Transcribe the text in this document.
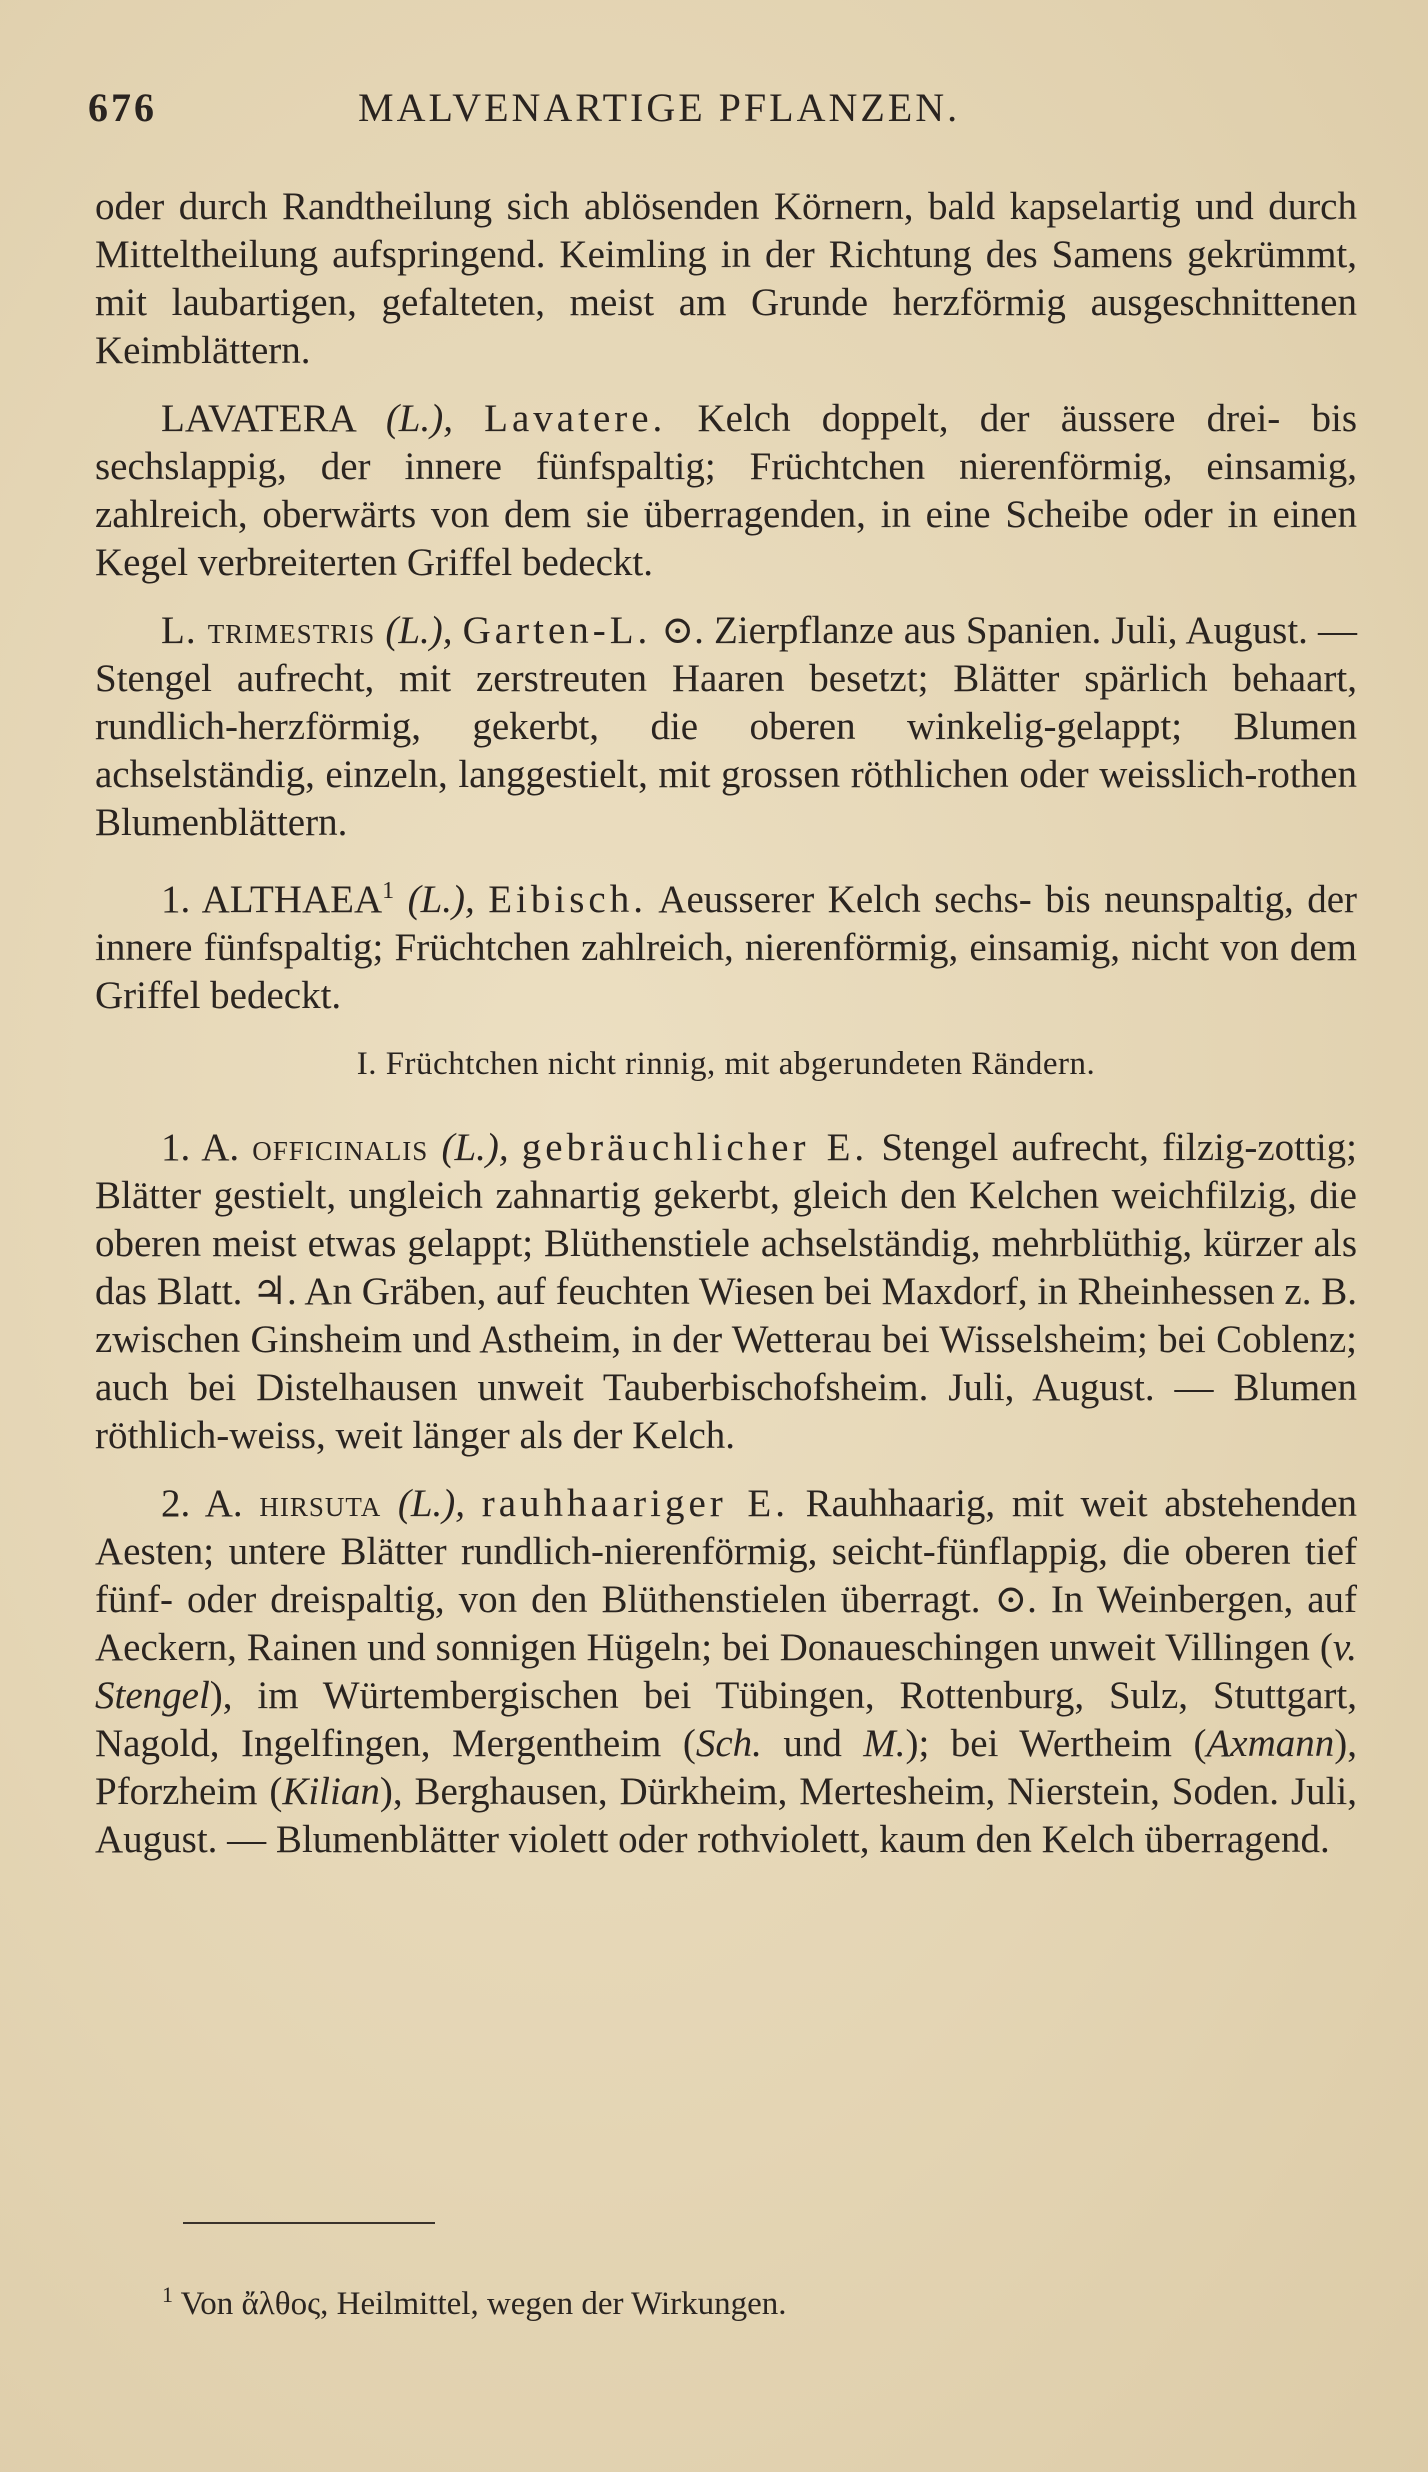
676	MALVENARTIGE PFLANZEN.

oder durch Randtheilung sich ablösenden Körnern, bald kapselartig und durch Mitteltheilung aufspringend. Keimling in der Richtung des Samens gekrümmt, mit laubartigen, gefalteten, meist am Grunde herzförmig ausgeschnittenen Keimblättern.

LAVATERA (L.), Lavatere. Kelch doppelt, der äussere drei- bis sechslappig, der innere fünfspaltig; Früchtchen nierenförmig, einsamig, zahlreich, oberwärts von dem sie überragenden, in eine Scheibe oder in einen Kegel verbreiterten Griffel bedeckt.

L. trimestris (L.), Garten-L. ⊙. Zierpflanze aus Spanien. Juli, August. — Stengel aufrecht, mit zerstreuten Haaren besetzt; Blätter spärlich behaart, rundlich-herzförmig, gekerbt, die oberen winkelig-gelappt; Blumen achselständig, einzeln, langgestielt, mit grossen röthlichen oder weisslich-rothen Blumenblättern.

1. ALTHAEA$^1$ (L.), Eibisch. Aeusserer Kelch sechs- bis neunspaltig, der innere fünfspaltig; Früchtchen zahlreich, nierenförmig, einsamig, nicht von dem Griffel bedeckt.

I. Früchtchen nicht rinnig, mit abgerundeten Rändern.

1. A. officinalis (L.), gebräuchlicher E. Stengel aufrecht, filzig-zottig; Blätter gestielt, ungleich zahnartig gekerbt, gleich den Kelchen weichfilzig, die oberen meist etwas gelappt; Blüthenstiele achselständig, mehrblüthig, kürzer als das Blatt. ♃. An Gräben, auf feuchten Wiesen bei Maxdorf, in Rheinhessen z. B. zwischen Ginsheim und Astheim, in der Wetterau bei Wisselsheim; bei Coblenz; auch bei Distelhausen unweit Tauberbischofsheim. Juli, August. — Blumen röthlich-weiss, weit länger als der Kelch.

2. A. hirsuta (L.), rauhhaariger E. Rauhhaarig, mit weit abstehenden Aesten; untere Blätter rundlich-nierenförmig, seicht-fünflappig, die oberen tief fünf- oder dreispaltig, von den Blüthenstielen überragt. ⊙. In Weinbergen, auf Aeckern, Rainen und sonnigen Hügeln; bei Donaueschingen unweit Villingen (v. Stengel), im Würtembergischen bei Tübingen, Rottenburg, Sulz, Stuttgart, Nagold, Ingelfingen, Mergentheim (Sch. und M.); bei Wertheim (Axmann), Pforzheim (Kilian), Berghausen, Dürkheim, Mertesheim, Nierstein, Soden. Juli, August. — Blumenblätter violett oder rothviolett, kaum den Kelch überragend.

$^1$ Von ἄλθος, Heilmittel, wegen der Wirkungen.
